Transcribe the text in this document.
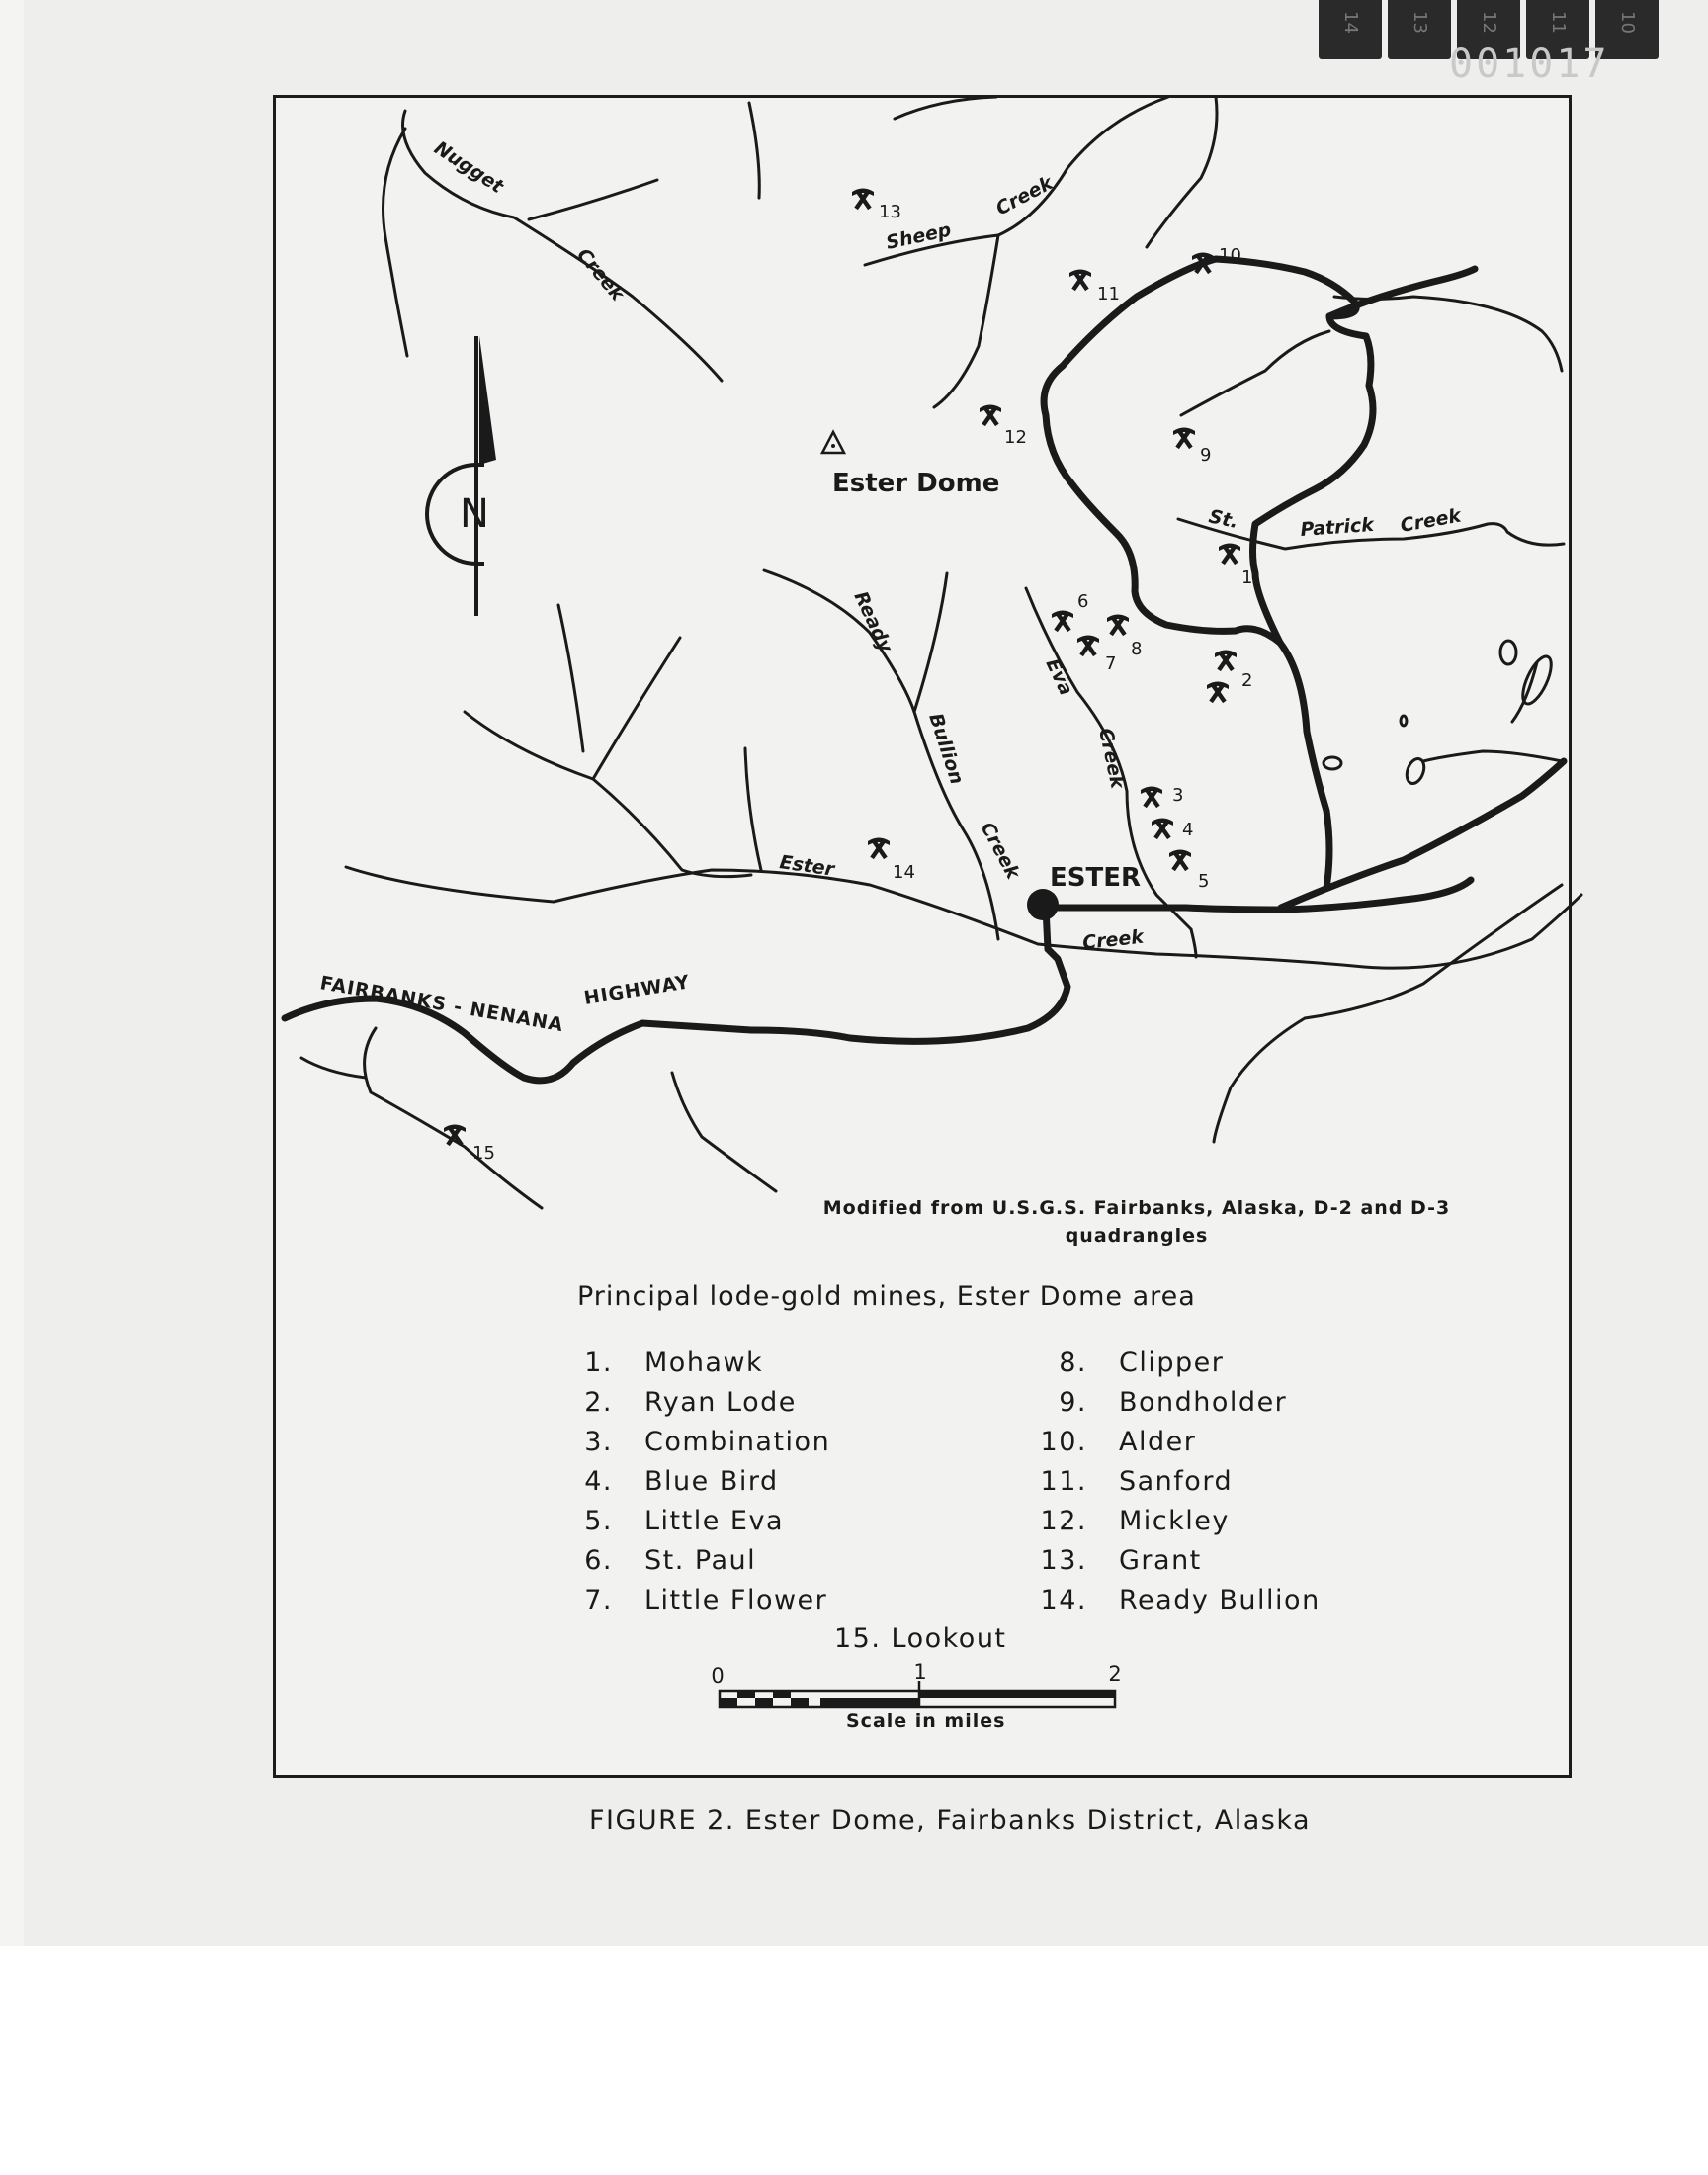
14	13	12	11	10
001017
N
1
2
3
4
5
6
7
8
9
10
11
12
13
14
15
Nugget
Creek
Sheep
Creek
St.	Patrick Creek
Ready
Bullion
Creek
Eva
Creek
Ester
Creek
Ester Dome
ESTER
FAIRBANKS - NENANA HIGHWAY
0	1	2
Modified from U.S.G.S. Fairbanks, Alaska, D-2 and D-3
quadrangles
Principal lode-gold mines, Ester Dome area
1. Mohawk
2. Ryan Lode
3. Combination
4. Blue Bird
5. Little Eva
6. St. Paul
7. Little Flower
8. Clipper
9. Bondholder
10. Alder
11. Sanford
12. Mickley
13. Grant
14. Ready Bullion
15. Lookout
Scale in miles
FIGURE 2. Ester Dome, Fairbanks District, Alaska
